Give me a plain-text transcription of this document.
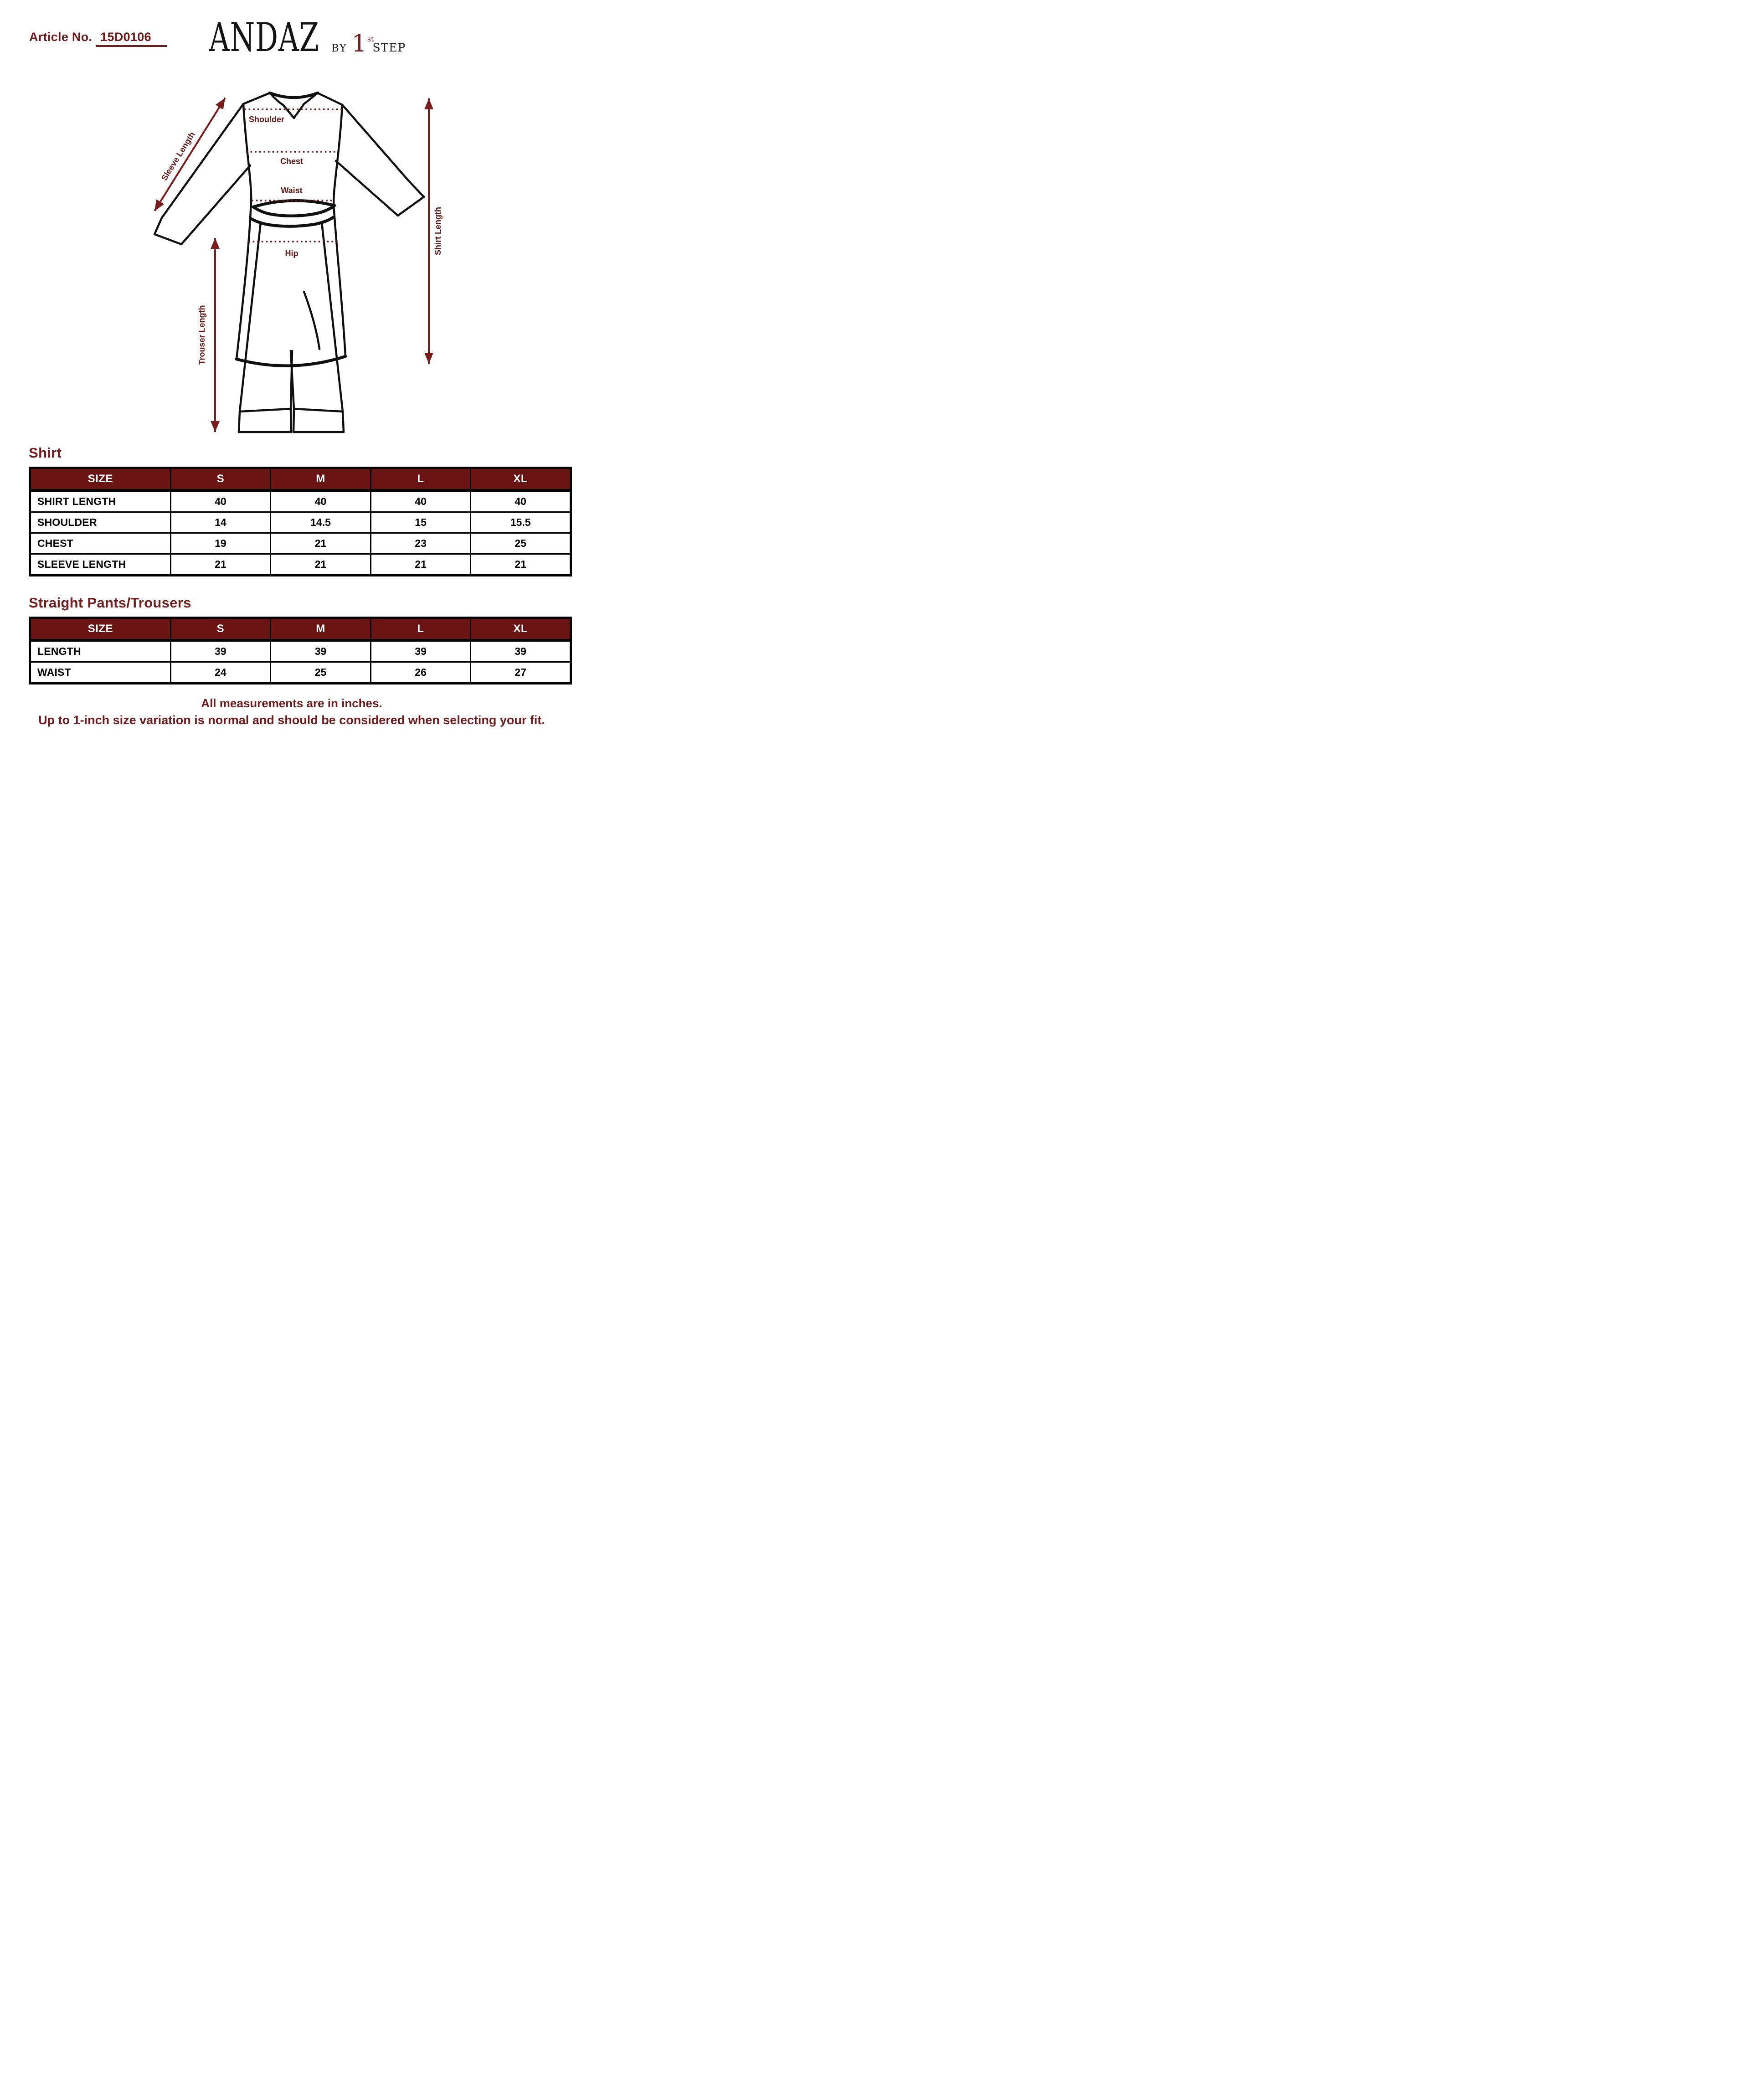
Article No. 15D0106	ANDAZ BY 1 st
STEP
Shoulder
Chest
Waist
Hip
Sleeve Length
Trouser Length
Shirt Length
Shirt
SIZE	S	M	L	XL
SHIRT LENGTH	40	40	40	40
SHOULDER	14	14.5	15	15.5
CHEST	19	21	23	25
SLEEVE LENGTH	21	21	21	21
Straight Pants/Trousers
SIZE	S	M	L	XL
LENGTH	39	39	39	39
WAIST	24	25	26	27
All measurements are in inches.
Up to 1-inch size variation is normal and should be considered when selecting your fit.
